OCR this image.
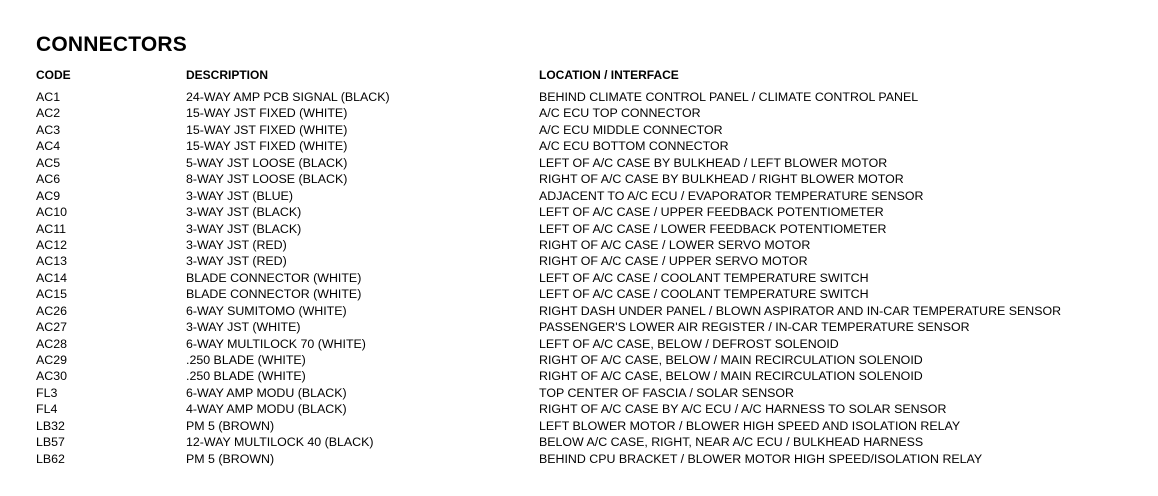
CONNECTORS
CODE	DESCRIPTION	LOCATION / INTERFACE
AC1	24-WAY AMP PCB SIGNAL (BLACK)	BEHIND CLIMATE CONTROL PANEL / CLIMATE CONTROL PANEL
AC2	15-WAY JST FIXED (WHITE)	A/C ECU TOP CONNECTOR
AC3	15-WAY JST FIXED (WHITE)	A/C ECU MIDDLE CONNECTOR
AC4	15-WAY JST FIXED (WHITE)	A/C ECU BOTTOM CONNECTOR
AC5	5-WAY JST LOOSE (BLACK)	LEFT OF A/C CASE BY BULKHEAD / LEFT BLOWER MOTOR
AC6	8-WAY JST LOOSE (BLACK)	RIGHT OF A/C CASE BY BULKHEAD / RIGHT BLOWER MOTOR
AC9	3-WAY JST (BLUE)	ADJACENT TO A/C ECU / EVAPORATOR TEMPERATURE SENSOR
AC10	3-WAY JST (BLACK)	LEFT OF A/C CASE / UPPER FEEDBACK POTENTIOMETER
AC11	3-WAY JST (BLACK)	LEFT OF A/C CASE / LOWER FEEDBACK POTENTIOMETER
AC12	3-WAY JST (RED)	RIGHT OF A/C CASE / LOWER SERVO MOTOR
AC13	3-WAY JST (RED)	RIGHT OF A/C CASE / UPPER SERVO MOTOR
AC14	BLADE CONNECTOR (WHITE)	LEFT OF A/C CASE / COOLANT TEMPERATURE SWITCH
AC15	BLADE CONNECTOR (WHITE)	LEFT OF A/C CASE / COOLANT TEMPERATURE SWITCH
AC26	6-WAY SUMITOMO (WHITE)	RIGHT DASH UNDER PANEL / BLOWN ASPIRATOR AND IN-CAR TEMPERATURE SENSOR
AC27	3-WAY JST (WHITE)	PASSENGER'S LOWER AIR REGISTER / IN-CAR TEMPERATURE SENSOR
AC28	6-WAY MULTILOCK 70 (WHITE)	LEFT OF A/C CASE, BELOW / DEFROST SOLENOID
AC29	.250 BLADE (WHITE)	RIGHT OF A/C CASE, BELOW / MAIN RECIRCULATION SOLENOID
AC30	.250 BLADE (WHITE)	RIGHT OF A/C CASE, BELOW / MAIN RECIRCULATION SOLENOID
FL3	6-WAY AMP MODU (BLACK)	TOP CENTER OF FASCIA / SOLAR SENSOR
FL4	4-WAY AMP MODU (BLACK)	RIGHT OF A/C CASE BY A/C ECU / A/C HARNESS TO SOLAR SENSOR
LB32	PM 5 (BROWN)	LEFT BLOWER MOTOR / BLOWER HIGH SPEED AND ISOLATION RELAY
LB57	12-WAY MULTILOCK 40 (BLACK)	BELOW A/C CASE, RIGHT, NEAR A/C ECU / BULKHEAD HARNESS
LB62	PM 5 (BROWN)	BEHIND CPU BRACKET / BLOWER MOTOR HIGH SPEED/ISOLATION RELAY
